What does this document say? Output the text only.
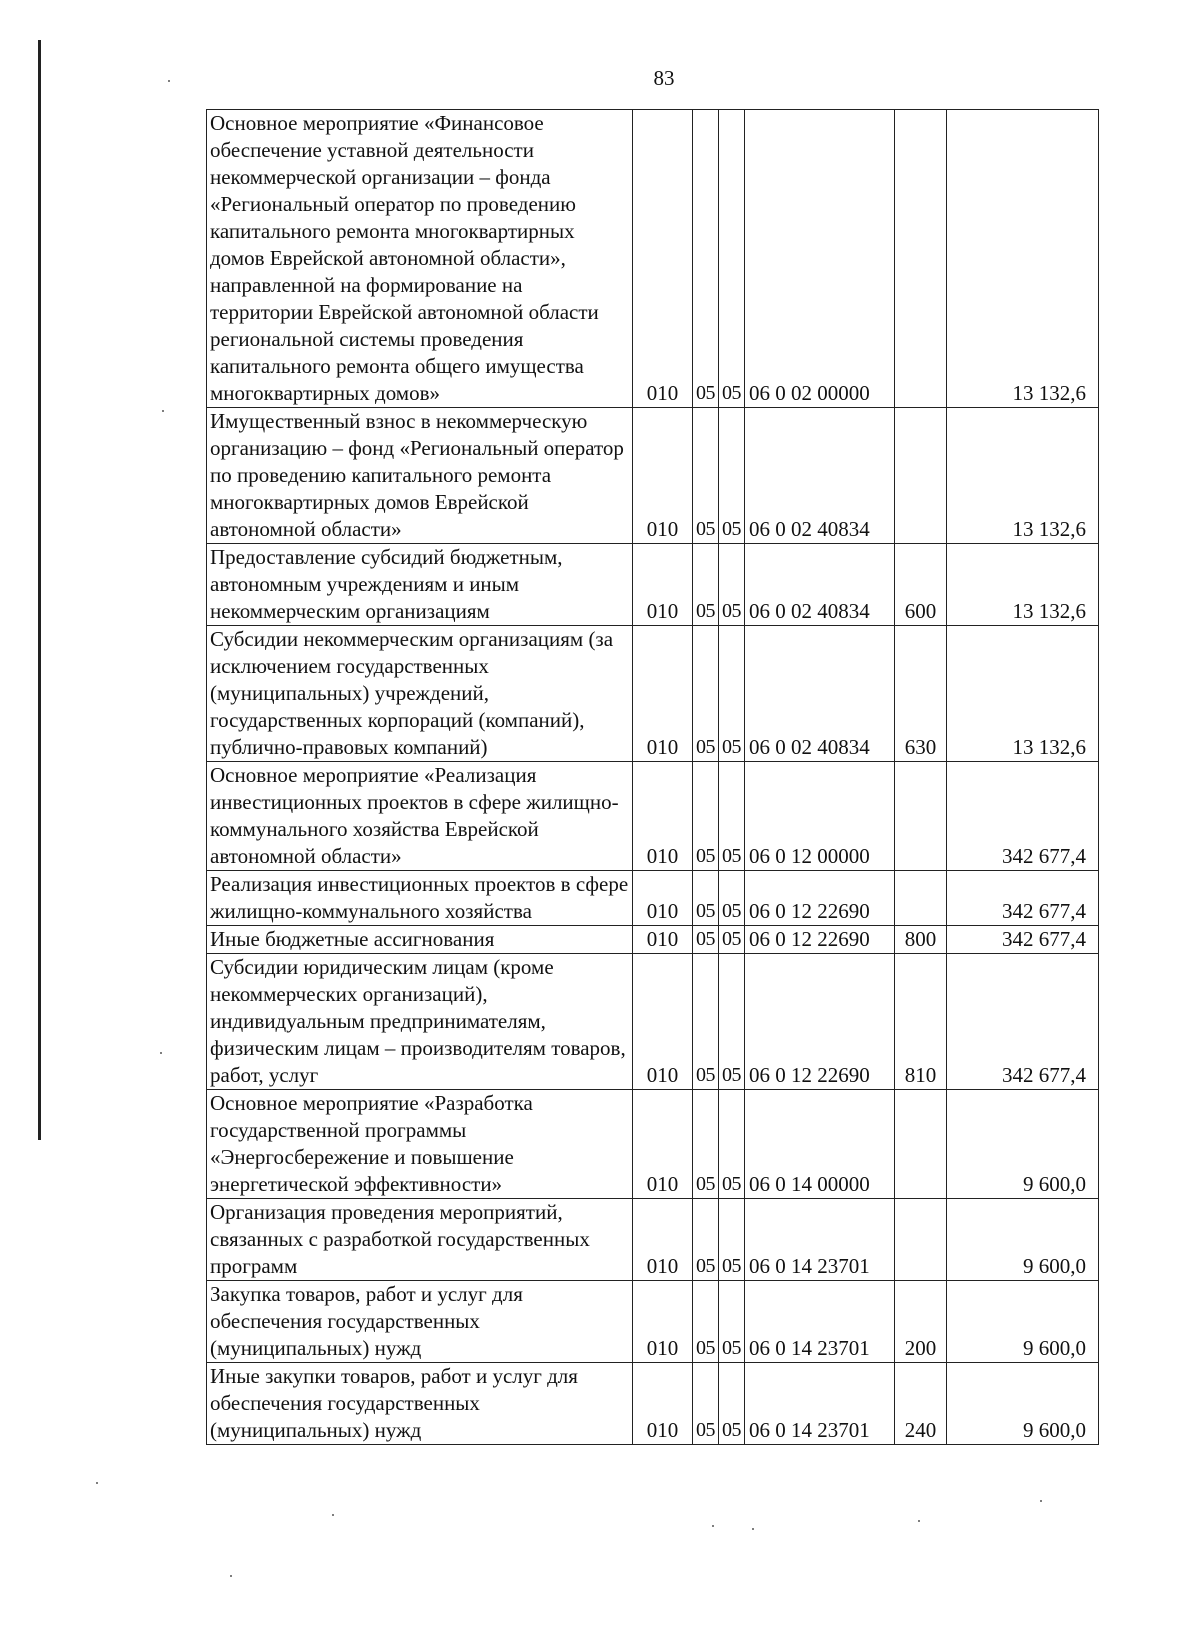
83
Основное мероприятие «Финансовое обеспечение уставной деятельности некоммерческой организации – фонда «Региональный оператор по проведению капитального ремонта многоквартирных домов Еврейской автономной области», направленной на формирование на территории Еврейской автономной области региональной системы проведения капитального ремонта общего имущества многоквартирных домов»	010	05	05	06 0 02 00000		13 132,6

Имущественный взнос в некоммерческую организацию – фонд «Региональный оператор по проведению капитального ремонта многоквартирных домов Еврейской автономной области»	010	05	05	06 0 02 40834		13 132,6

Предоставление субсидий бюджетным, автономным учреждениям и иным некоммерческим организациям	010	05	05	06 0 02 40834	600	13 132,6

Субсидии некоммерческим организациям (за исключением государственных (муниципальных) учреждений, государственных корпораций (компаний), публично-правовых компаний)	010	05	05	06 0 02 40834	630	13 132,6

Основное мероприятие «Реализация инвестиционных проектов в сфере жилищно-коммунального хозяйства Еврейской автономной области»	010	05	05	06 0 12 00000		342 677,4

Реализация инвестиционных проектов в сфере жилищно-коммунального хозяйства	010	05	05	06 0 12 22690		342 677,4

Иные бюджетные ассигнования	010	05	05	06 0 12 22690	800	342 677,4

Субсидии юридическим лицам (кроме некоммерческих организаций), индивидуальным предпринимателям, физическим лицам – производителям товаров, работ, услуг	010	05	05	06 0 12 22690	810	342 677,4

Основное мероприятие «Разработка государственной программы «Энергосбережение и повышение энергетической эффективности»	010	05	05	06 0 14 00000		9 600,0

Организация проведения мероприятий, связанных с разработкой государственных программ	010	05	05	06 0 14 23701		9 600,0

Закупка товаров, работ и услуг для обеспечения государственных (муниципальных) нужд	010	05	05	06 0 14 23701	200	9 600,0

Иные закупки товаров, работ и услуг для обеспечения государственных (муниципальных) нужд	010	05	05	06 0 14 23701	240	9 600,0
